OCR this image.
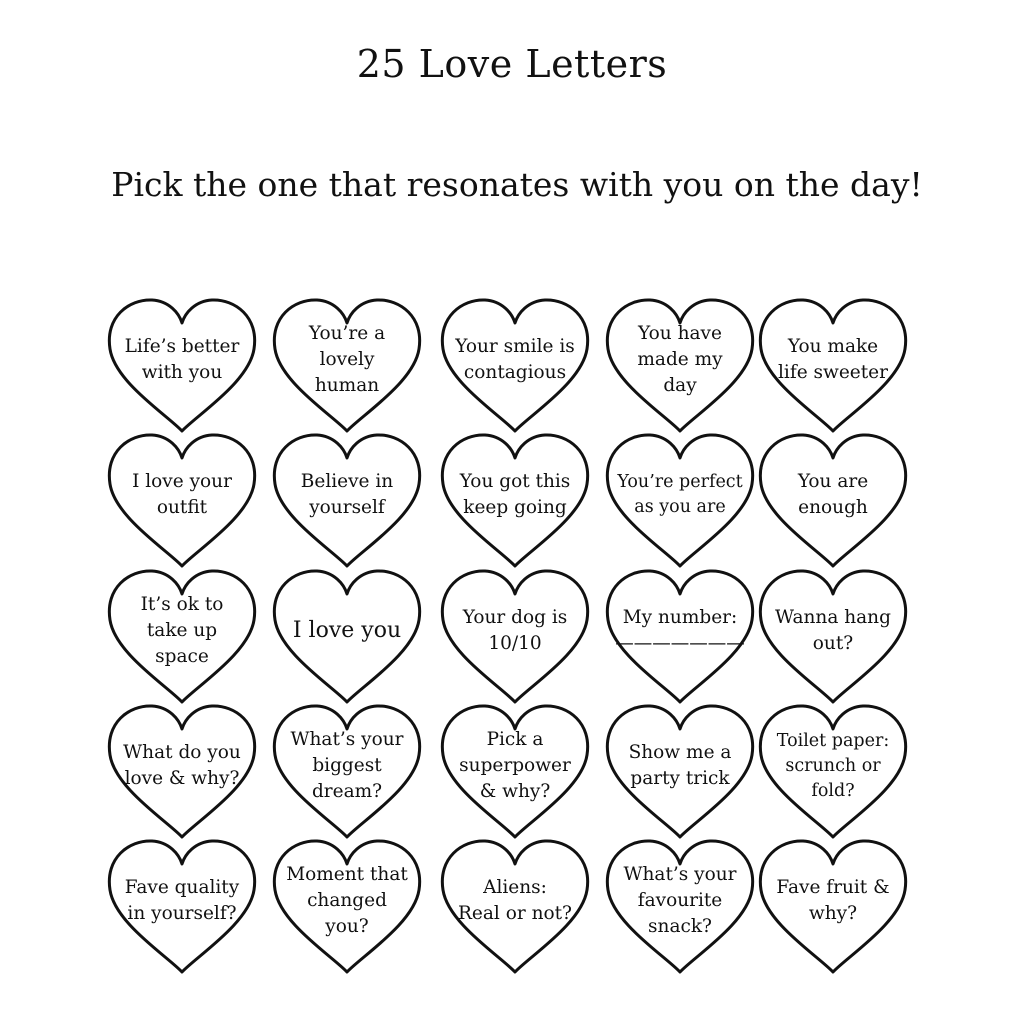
25 Love Letters
Pick the one that resonates with you on the day!
Life’s better
with you
You’re a
lovely
human
Your smile is
contagious
You have
made my
day
You make
life sweeter
I love your
outfit
Believe in
yourself
You got this
keep going
You’re perfect
as you are
You are
enough
It’s ok to
take up
space
I love you
Your dog is
10/10
My number:
———————
Wanna hang
out?
What do you
love & why?
What’s your
biggest
dream?
Pick a
superpower
& why?
Show me a
party trick
Toilet paper:
scrunch or
fold?
Fave quality
in yourself?
Moment that
changed
you?
Aliens:
Real or not?
What’s your
favourite
snack?
Fave fruit &
why?
